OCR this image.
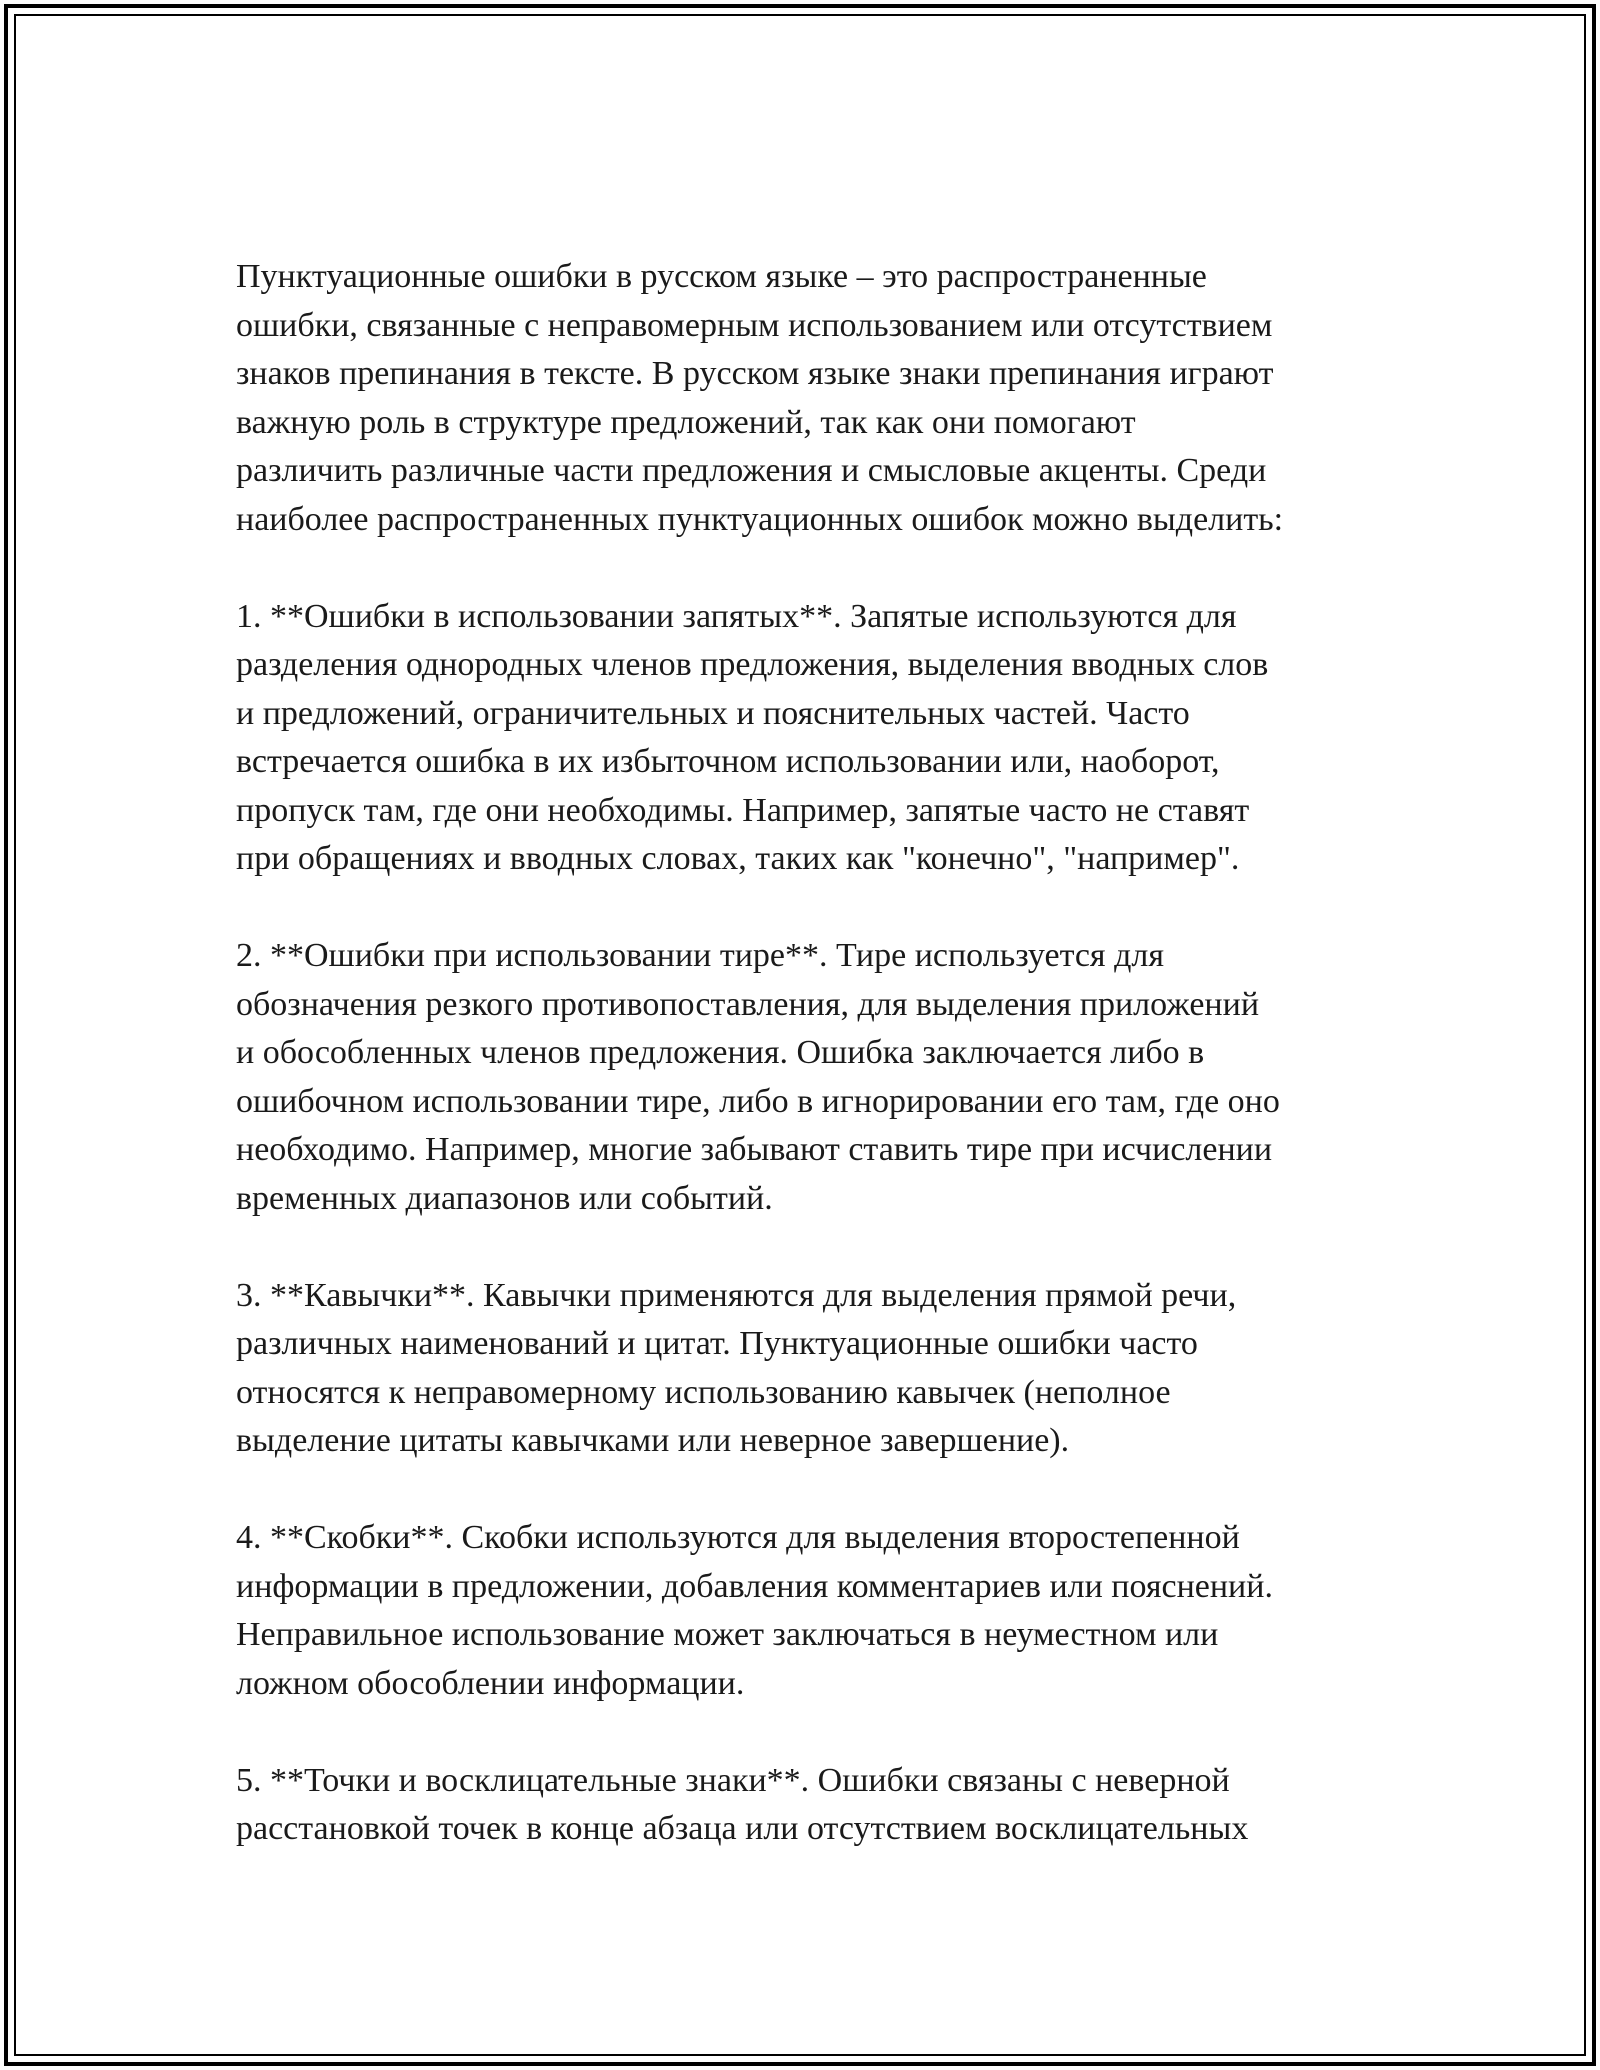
Пунктуационные ошибки в русском языке – это распространенные
ошибки, связанные с неправомерным использованием или отсутствием
знаков препинания в тексте. В русском языке знаки препинания играют
важную роль в структуре предложений, так как они помогают
различить различные части предложения и смысловые акценты. Среди
наиболее распространенных пунктуационных ошибок можно выделить:
1. **Ошибки в использовании запятых**. Запятые используются для
разделения однородных членов предложения, выделения вводных слов
и предложений, ограничительных и пояснительных частей. Часто
встречается ошибка в их избыточном использовании или, наоборот,
пропуск там, где они необходимы. Например, запятые часто не ставят
при обращениях и вводных словах, таких как "конечно", "например".
2. **Ошибки при использовании тире**. Тире используется для
обозначения резкого противопоставления, для выделения приложений
и обособленных членов предложения. Ошибка заключается либо в
ошибочном использовании тире, либо в игнорировании его там, где оно
необходимо. Например, многие забывают ставить тире при исчислении
временных диапазонов или событий.
3. **Кавычки**. Кавычки применяются для выделения прямой речи,
различных наименований и цитат. Пунктуационные ошибки часто
относятся к неправомерному использованию кавычек (неполное
выделение цитаты кавычками или неверное завершение).
4. **Скобки**. Скобки используются для выделения второстепенной
информации в предложении, добавления комментариев или пояснений.
Неправильное использование может заключаться в неуместном или
ложном обособлении информации.
5. **Точки и восклицательные знаки**. Ошибки связаны с неверной
расстановкой точек в конце абзаца или отсутствием восклицательных
